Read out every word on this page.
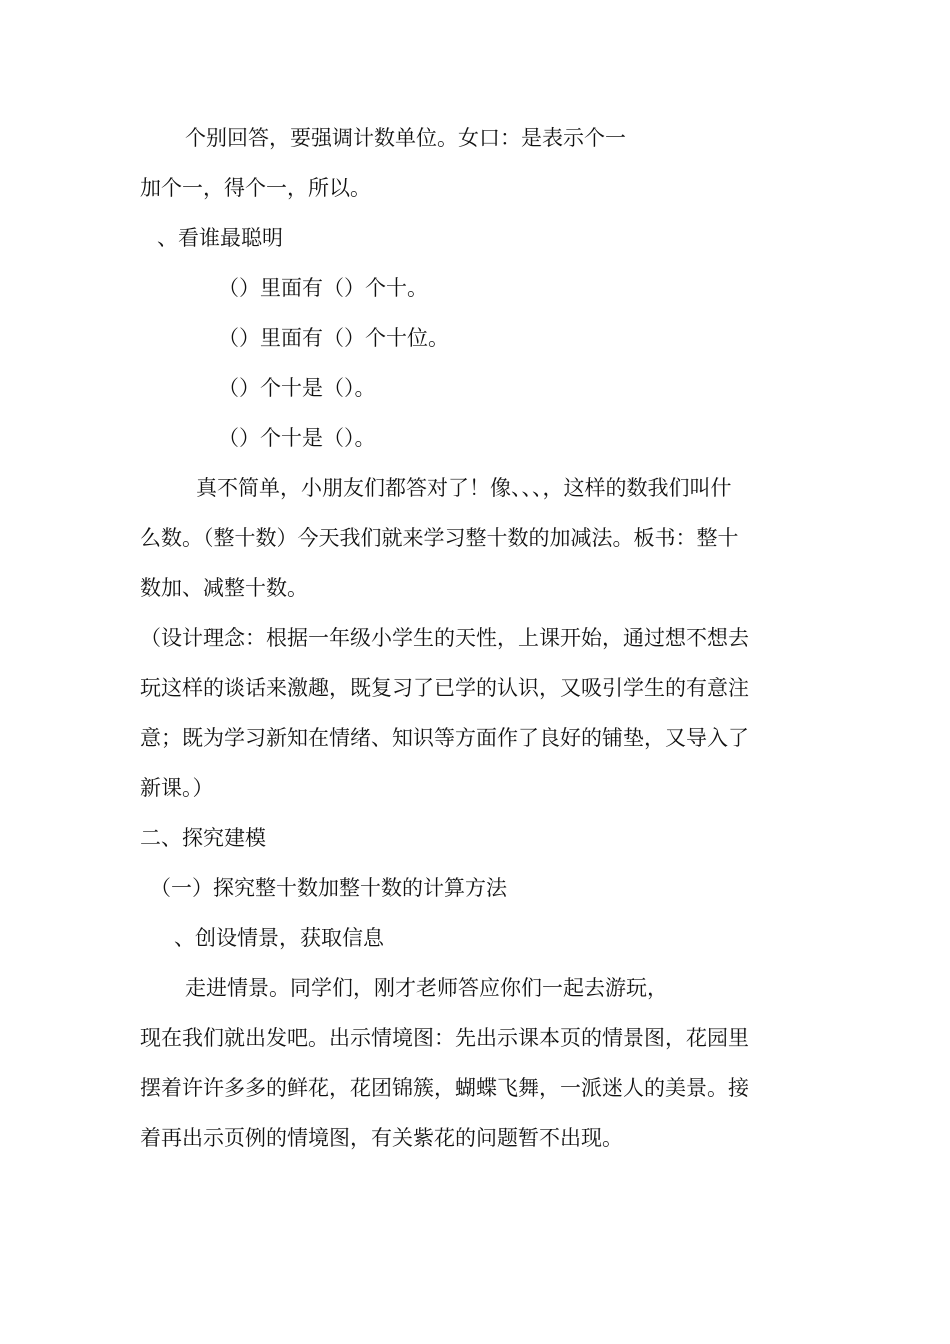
个别回答，要强调计数单位。女口：是表示个一

加个一，得个一，所以。

、看谁最聪明

（）里面有（）个十。

（）里面有（）个十位。

（）个十是（）。

（）个十是（）。

真不简单，小朋友们都答对了！像、、、，这样的数我们叫什

么数。（整十数）今天我们就来学习整十数的加减法。板书：整十

数加、减整十数。

（设计理念：根据一年级小学生的天性，上课开始，通过想不想去

玩这样的谈话来激趣，既复习了已学的认识，又吸引学生的有意注

意；既为学习新知在情绪、知识等方面作了良好的铺垫，又导入了

新课。）

二、探究建模

（一）探究整十数加整十数的计算方法

、创设情景，获取信息

走进情景。同学们，刚才老师答应你们一起去游玩，

现在我们就出发吧。出示情境图：先出示课本页的情景图，花园里

摆着许许多多的鲜花，花团锦簇，蝴蝶飞舞，一派迷人的美景。接

着再出示页例的情境图，有关紫花的问题暂不出现。
